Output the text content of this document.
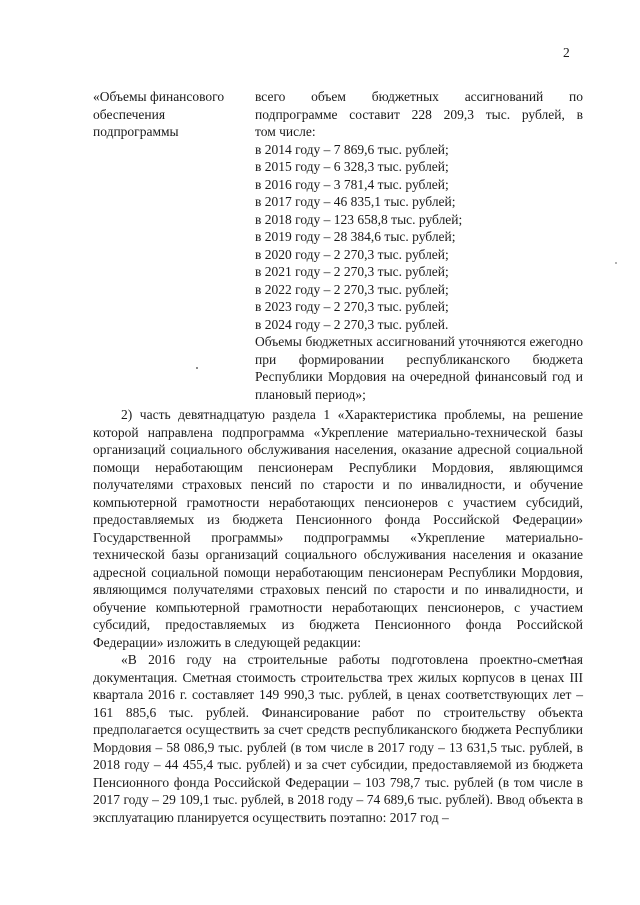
2
«Объемы финансового
обеспечения
подпрограммы
всего объем бюджетных ассигнований по
подпрограмме составит 228 209,3 тыс. рублей, в
том числе:
в 2014 году – 7 869,6 тыс. рублей;
в 2015 году – 6 328,3 тыс. рублей;
в 2016 году – 3 781,4 тыс. рублей;
в 2017 году – 46 835,1 тыс. рублей;
в 2018 году – 123 658,8 тыс. рублей;
в 2019 году – 28 384,6 тыс. рублей;
в 2020 году – 2 270,3 тыс. рублей;
в 2021 году – 2 270,3 тыс. рублей;
в 2022 году – 2 270,3 тыс. рублей;
в 2023 году – 2 270,3 тыс. рублей;
в 2024 году – 2 270,3 тыс. рублей.
Объемы бюджетных ассигнований уточняются ежегодно при формировании республиканского бюджета Республики Мордовия на очередной финансовый год и плановый период»;

2) часть девятнадцатую раздела 1 «Характеристика проблемы, на решение которой направлена подпрограмма «Укрепление материально-технической базы организаций социального обслуживания населения, оказание адресной социальной помощи неработающим пенсионерам Республики Мордовия, являющимся получателями страховых пенсий по старости и по инвалидности, и обучение компьютерной грамотности неработающих пенсионеров с участием субсидий, предоставляемых из бюджета Пенсионного фонда Российской Федерации» Государственной программы» подпрограммы «Укрепление материально-технической базы организаций социального обслуживания населения и оказание адресной социальной помощи неработающим пенсионерам Республики Мордовия, являющимся получателями страховых пенсий по старости и по инвалидности, и обучение компьютерной грамотности неработающих пенсионеров, с участием субсидий, предоставляемых из бюджета Пенсионного фонда Российской Федерации» изложить в следующей редакции:

«В 2016 году на строительные работы подготовлена проектно-сметная документация. Сметная стоимость строительства трех жилых корпусов в ценах III квартала 2016 г. составляет 149 990,3 тыс. рублей, в ценах соответствующих лет – 161 885,6 тыс. рублей. Финансирование работ по строительству объекта предполагается осуществить за счет средств республиканского бюджета Республики Мордовия – 58 086,9 тыс. рублей (в том числе в 2017 году – 13 631,5 тыс. рублей, в 2018 году – 44 455,4 тыс. рублей) и за счет субсидии, предоставляемой из бюджета Пенсионного фонда Российской Федерации – 103 798,7 тыс. рублей (в том числе в 2017 году – 29 109,1 тыс. рублей, в 2018 году – 74 689,6 тыс. рублей). Ввод объекта в эксплуатацию планируется осуществить поэтапно: 2017 год –
